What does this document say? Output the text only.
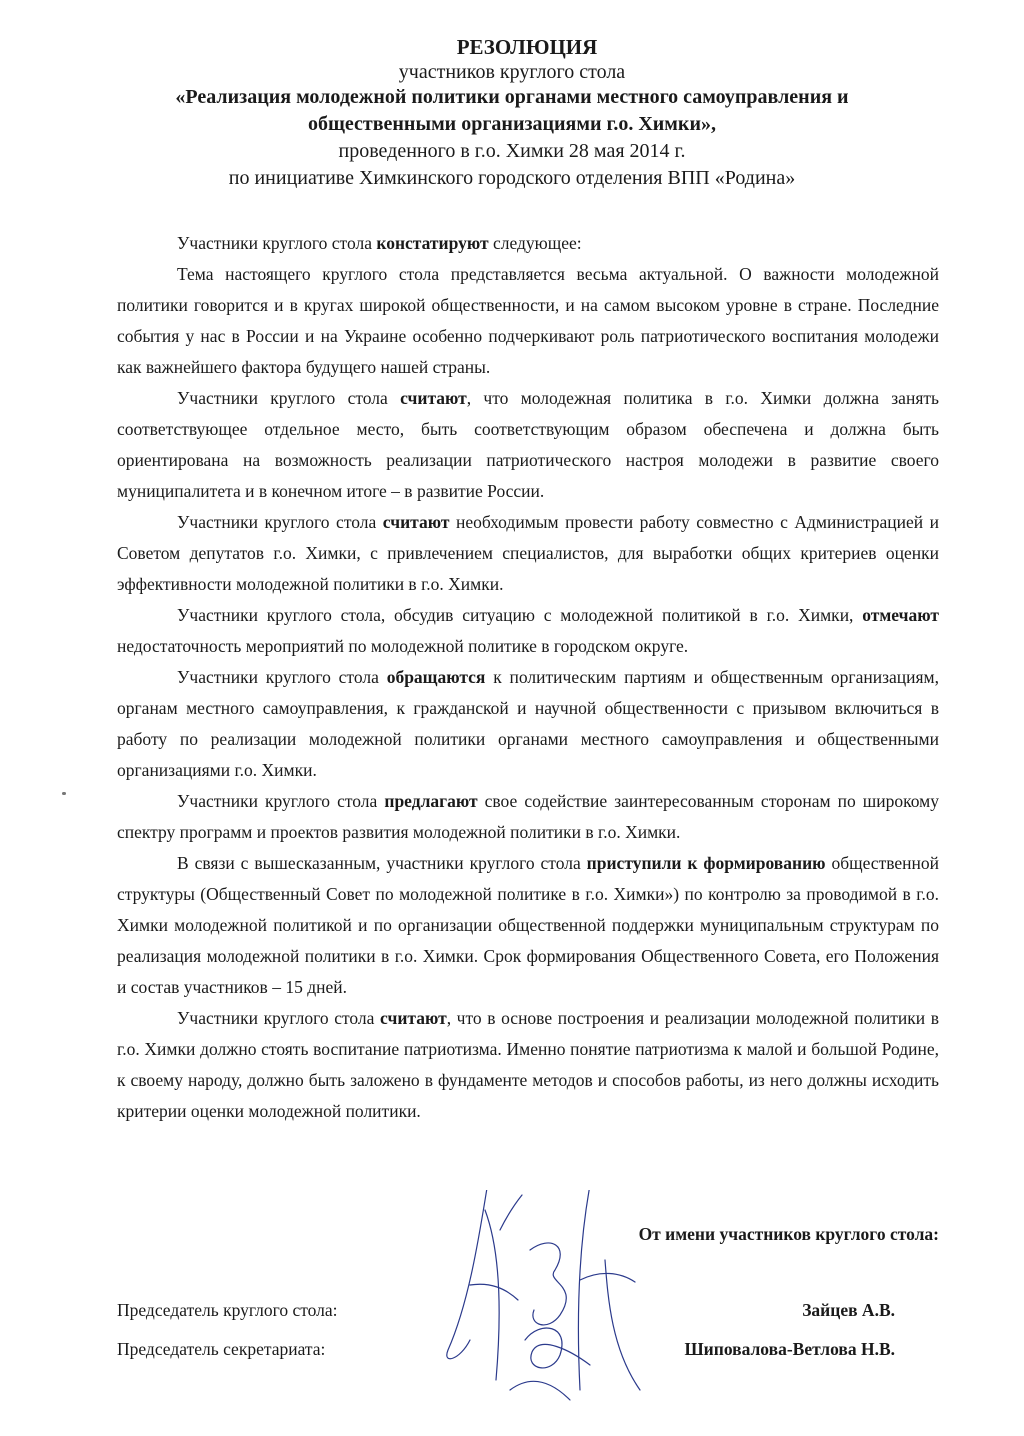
РЕЗОЛЮЦИЯ
участников круглого стола
«Реализация молодежной политики органами местного самоуправления и
общественными организациями г.о. Химки»,
проведенного в г.о. Химки 28 мая 2014 г.
по инициативе Химкинского городского отделения ВПП «Родина»

Участники круглого стола констатируют следующее:

Тема настоящего круглого стола представляется весьма актуальной. О важности молодежной политики говорится и в кругах широкой общественности, и на самом высоком уровне в стране. Последние события у нас в России и на Украине особенно подчеркивают роль патриотического воспитания молодежи как важнейшего фактора будущего нашей страны.

Участники круглого стола считают, что молодежная политика в г.о. Химки должна занять соответствующее отдельное место, быть соответствующим образом обеспечена и должна быть ориентирована на возможность реализации патриотического настроя молодежи в развитие своего муниципалитета и в конечном итоге – в развитие России.

Участники круглого стола считают необходимым провести работу совместно с Администрацией и Советом депутатов г.о. Химки, с привлечением специалистов, для выработки общих критериев оценки эффективности молодежной политики в г.о. Химки.

Участники круглого стола, обсудив ситуацию с молодежной политикой в г.о. Химки, отмечают недостаточность мероприятий по молодежной политике в городском округе.

Участники круглого стола обращаются к политическим партиям и общественным организациям, органам местного самоуправления, к гражданской и научной общественности с призывом включиться в работу по реализации молодежной политики органами местного самоуправления и общественными организациями г.о. Химки.

Участники круглого стола предлагают свое содействие заинтересованным сторонам по широкому спектру программ и проектов развития молодежной политики в г.о. Химки.

В связи с вышесказанным, участники круглого стола приступили к формированию общественной структуры (Общественный Совет по молодежной политике в г.о. Химки») по контролю за проводимой в г.о. Химки молодежной политикой и по организации общественной поддержки муниципальным структурам по реализация молодежной политики в г.о. Химки. Срок формирования Общественного Совета, его Положения и состав участников – 15 дней.

Участники круглого стола считают, что в основе построения и реализации молодежной политики в г.о. Химки должно стоять воспитание патриотизма. Именно понятие патриотизма к малой и большой Родине, к своему народу, должно быть заложено в фундаменте методов и способов работы, из него должны исходить критерии оценки молодежной политики.

От имени участников круглого стола:
Председатель круглого стола:	Зайцев А.В.
Председатель секретариата:	Шиповалова-Ветлова Н.В.
